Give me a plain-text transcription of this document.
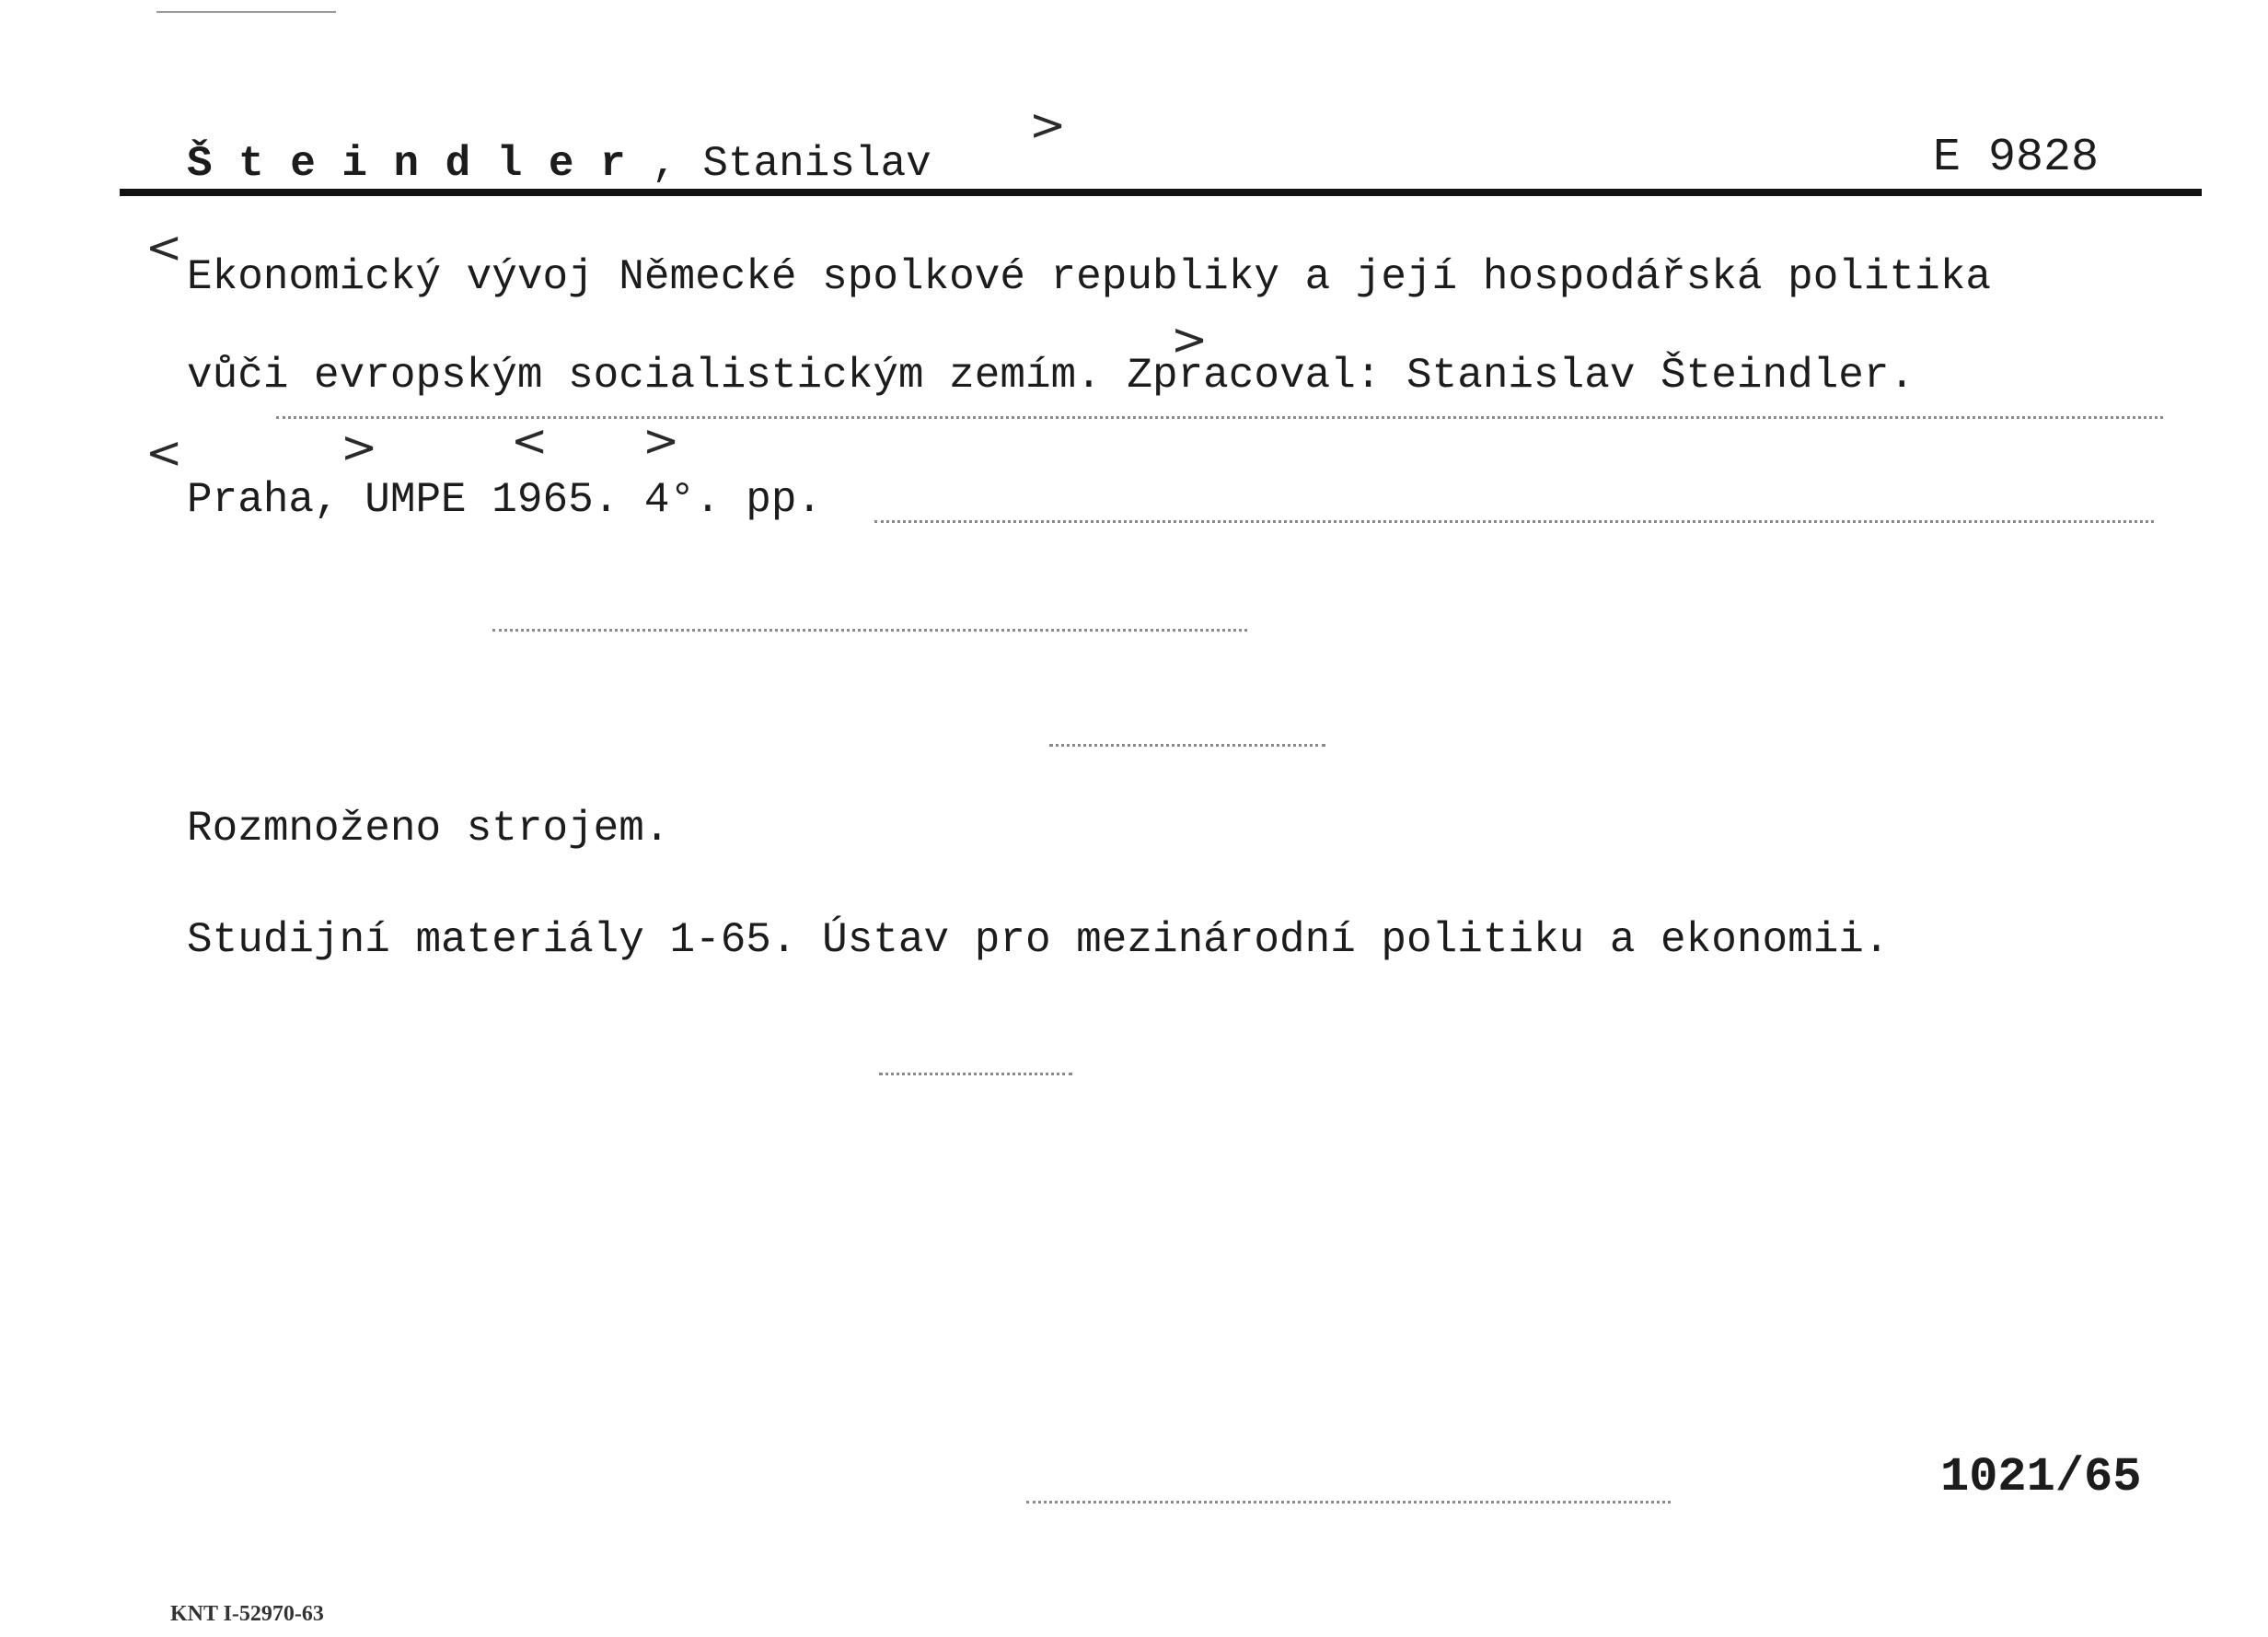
Šteindler, Stanislav
>
E 9828
<
Ekonomický vývoj Německé spolkové republiky a její hospodářská politika
>
vůči evropským socialistickým zemím. Zpracoval: Stanislav Šteindler.
<	>	< >
Praha, UMPE 1965. 4°. pp.
Rozmnoženo strojem.
Studijní materiály 1-65. Ústav pro mezinárodní politiku a ekonomii.
1021/65
KNT I-52970-63
